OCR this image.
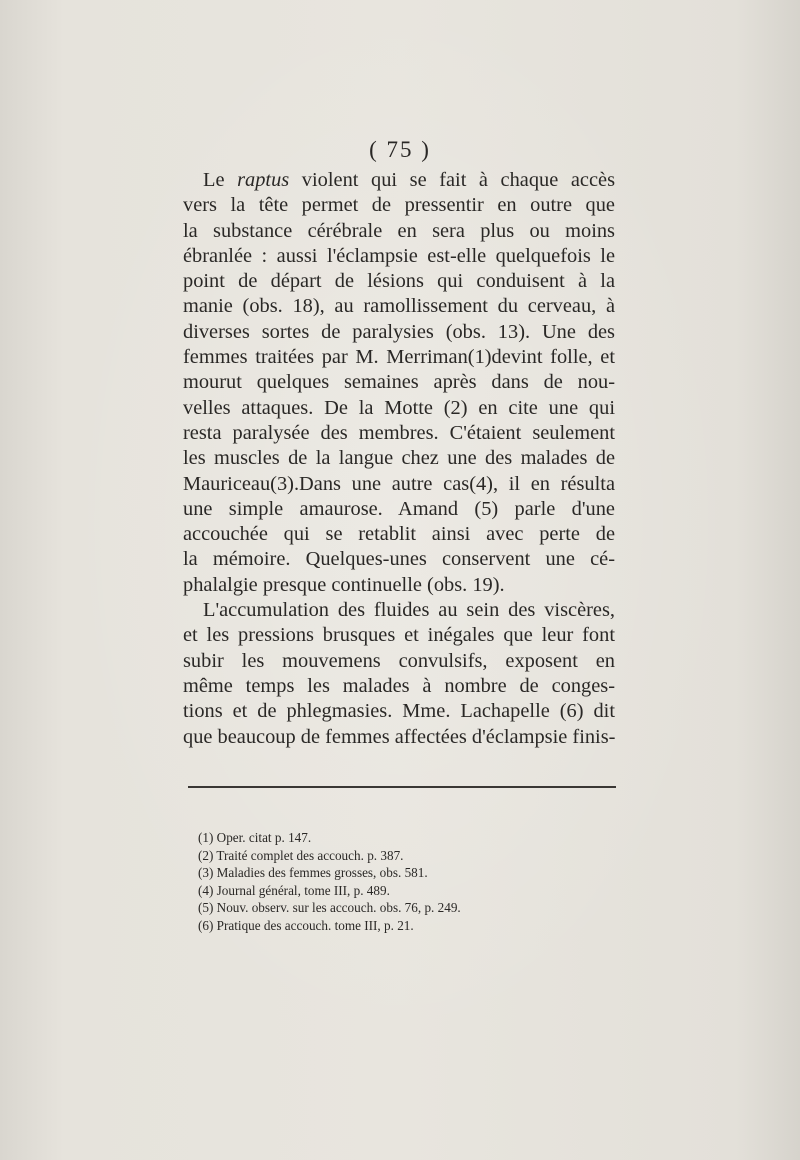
( 75 )
Le raptus violent qui se fait à chaque accès
vers la tête permet de pressentir en outre que
la substance cérébrale en sera plus ou moins
ébranlée : aussi l'éclampsie est-elle quelquefois le
point de départ de lésions qui conduisent à la
manie (obs. 18), au ramollissement du cerveau, à
diverses sortes de paralysies (obs. 13). Une des
femmes traitées par M. Merriman(1)devint folle, et
mourut quelques semaines après dans de nou-
velles attaques. De la Motte (2) en cite une qui
resta paralysée des membres. C'étaient seulement
les muscles de la langue chez une des malades de
Mauriceau(3).Dans une autre cas(4), il en résulta
une simple amaurose. Amand (5) parle d'une
accouchée qui se retablit ainsi avec perte de
la mémoire. Quelques-unes conservent une cé-
phalalgie presque continuelle (obs. 19).
L'accumulation des fluides au sein des viscères,
et les pressions brusques et inégales que leur font
subir les mouvemens convulsifs, exposent en
même temps les malades à nombre de conges-
tions et de phlegmasies. Mme. Lachapelle (6) dit
que beaucoup de femmes affectées d'éclampsie finis-
(1) Oper. citat p. 147.
(2) Traité complet des accouch. p. 387.
(3) Maladies des femmes grosses, obs. 581.
(4) Journal général, tome III, p. 489.
(5) Nouv. observ. sur les accouch. obs. 76, p. 249.
(6) Pratique des accouch. tome III, p. 21.
